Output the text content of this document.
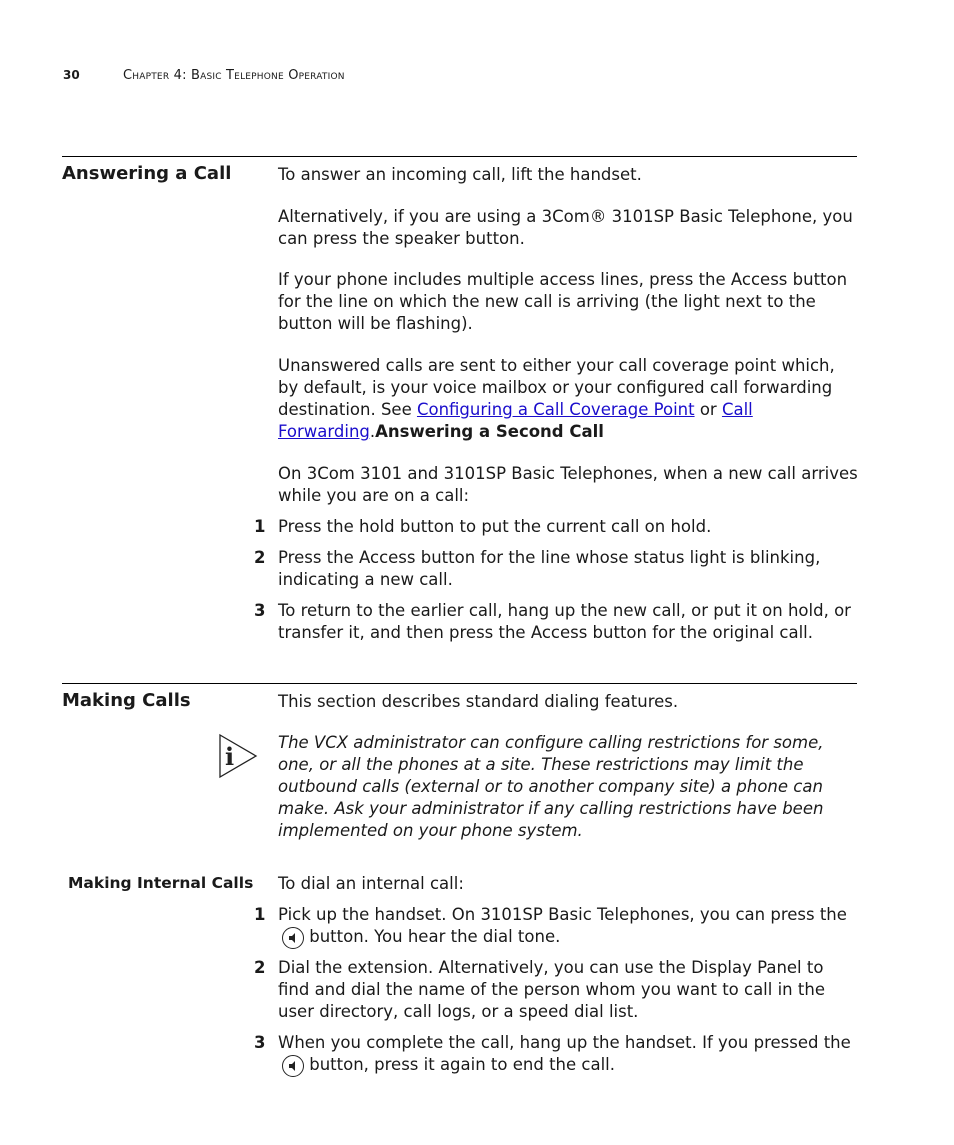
30	Chapter 4: Basic Telephone Operation
Answering a Call	To answer an incoming call, lift the handset.
Alternatively, if you are using a 3Com® 3101SP Basic Telephone, you can press the speaker button.
If your phone includes multiple access lines, press the Access button for the line on which the new call is arriving (the light next to the button will be flashing).
Unanswered calls are sent to either your call coverage point which, by default, is your voice mailbox or your configured call forwarding destination. See Configuring a Call Coverage Point or Call Forwarding.Answering a Second Call
On 3Com 3101 and 3101SP Basic Telephones, when a new call arrives while you are on a call:
1 Press the hold button to put the current call on hold.
2 Press the Access button for the line whose status light is blinking, indicating a new call.
3 To return to the earlier call, hang up the new call, or put it on hold, or transfer it, and then press the Access button for the original call.
Making Calls	This section describes standard dialing features.
i	The VCX administrator can configure calling restrictions for some, one, or all the phones at a site. These restrictions may limit the outbound calls (external or to another company site) a phone can make. Ask your administrator if any calling restrictions have been implemented on your phone system.
Making Internal Calls To dial an internal call:
1 Pick up the handset. On 3101SP Basic Telephones, you can press the
button. You hear the dial tone.
2 Dial the extension. Alternatively, you can use the Display Panel to find and dial the name of the person whom you want to call in the user directory, call logs, or a speed dial list.
3 When you complete the call, hang up the handset. If you pressed the
button, press it again to end the call.
